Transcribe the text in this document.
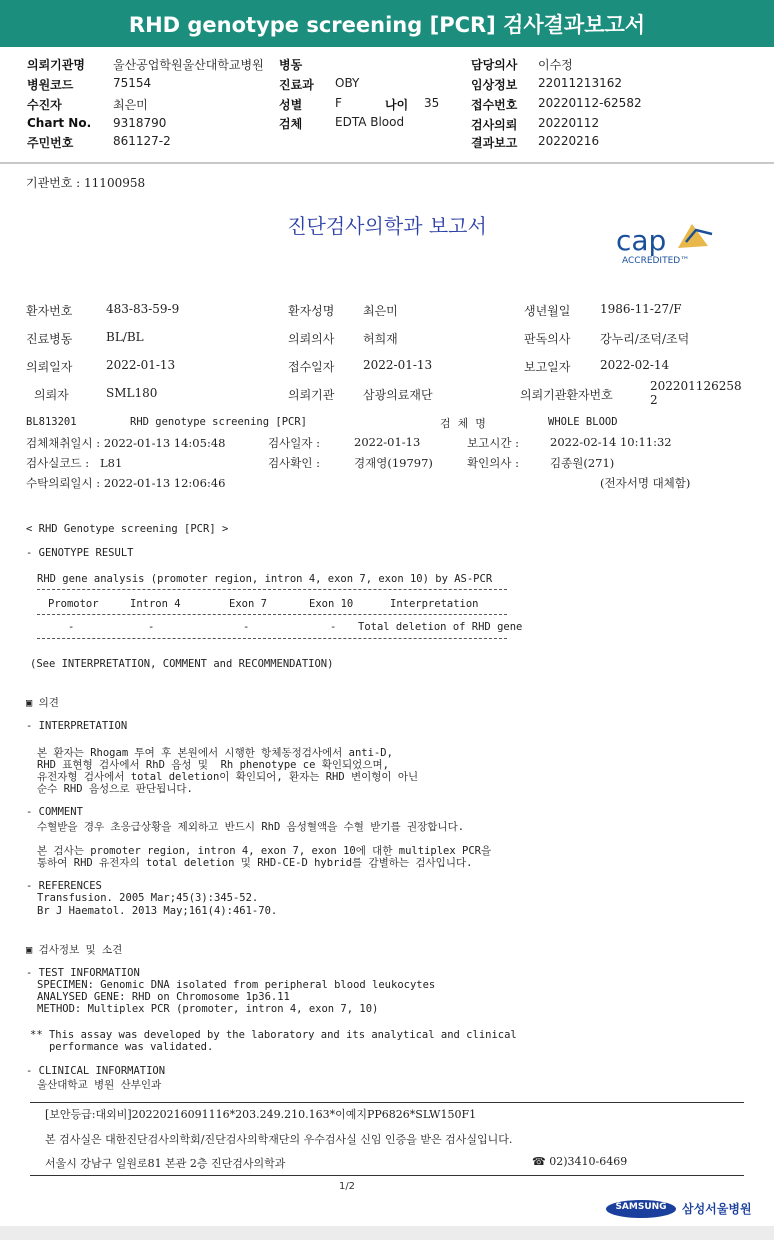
RHD genotype screening [PCR] 검사결과보고서
의뢰기관명 울산공업학원울산대학교병원
병원코드	75154
수진자	최은미
Chart No. 9318790
주민번호	861127-2
병동
진료과 OBY
성별	F	나이 35
검체	EDTA Blood
담당의사 이수정
임상정보 22011213162
접수번호 20220112-62582
검사의뢰 20220112
결과보고 20220216
기관번호 : 11100958
진단검사의학과 보고서	cap
ACCREDITED™
환자번호	483-83-59-9	환자성명 최은미	생년월일 1986-11-27/F
진료병동	BL/BL	의뢰의사 허희재	판독의사 강누리/조덕/조덕
의뢰일자	2022-01-13	접수일자 2022-01-13	보고일자 2022-02-14
의뢰자	SML180	의뢰기관 삼광의료재단	의뢰기관환자번호
202201126258
2
BL813201	RHD genotype screening [PCR]	검  체  명	WHOLE BLOOD
검체채취일시 : 2022-01-13 14:05:48	검사일자 :	2022-01-13	보고시간 :	2022-02-14 10:11:32
검사실코드 :   L81	검사확인 :	경재영(19797)	확인의사 :	김종원(271)
수탁의뢰일시 : 2022-01-13 12:06:46	(전자서명 대체함)
< RHD Genotype screening [PCR] >
- GENOTYPE RESULT
RHD gene analysis (promoter region, intron 4, exon 7, exon 10) by AS-PCR
Promotor	Intron 4	Exon 7	Exon 10	Interpretation
-	-	-	- Total deletion of RHD gene
(See INTERPRETATION, COMMENT and RECOMMENDATION)
▣ 의견
- INTERPRETATION
본 환자는 Rhogam 투여 후 본원에서 시행한 항체동정검사에서 anti-D,
RHD 표현형 검사에서 RhD 음성 및  Rh phenotype ce 확인되었으며,
유전자형 검사에서 total deletion이 확인되어, 환자는 RHD 변이형이 아닌
순수 RHD 음성으로 판단됩니다.
- COMMENT
수혈받을 경우 초응급상황을 제외하고 반드시 RhD 음성혈액을 수혈 받기를 권장합니다.
본 검사는 promoter region, intron 4, exon 7, exon 10에 대한 multiplex PCR을
통하여 RHD 유전자의 total deletion 및 RHD-CE-D hybrid를 감별하는 검사입니다.
- REFERENCES
Transfusion. 2005 Mar;45(3):345-52.
Br J Haematol. 2013 May;161(4):461-70.
▣ 검사정보 및 소견
- TEST INFORMATION
SPECIMEN: Genomic DNA isolated from peripheral blood leukocytes
ANALYSED GENE: RHD on Chromosome 1p36.11
METHOD: Multiplex PCR (promoter, intron 4, exon 7, 10)
** This assay was developed by the laboratory and its analytical and clinical
performance was validated.
- CLINICAL INFORMATION
울산대학교 병원 산부인과
[보안등급:대외비]20220216091116*203.249.210.163*이예지PP6826*SLW150F1
본 검사실은 대한진단검사의학회/진단검사의학재단의 우수검사실 신임 인증을 받은 검사실입니다.
서울시 강남구 일원로81 본관 2층 진단검사의학과	☎ 02)3410-6469
1/2
SAMSUNG	삼성서울병원
